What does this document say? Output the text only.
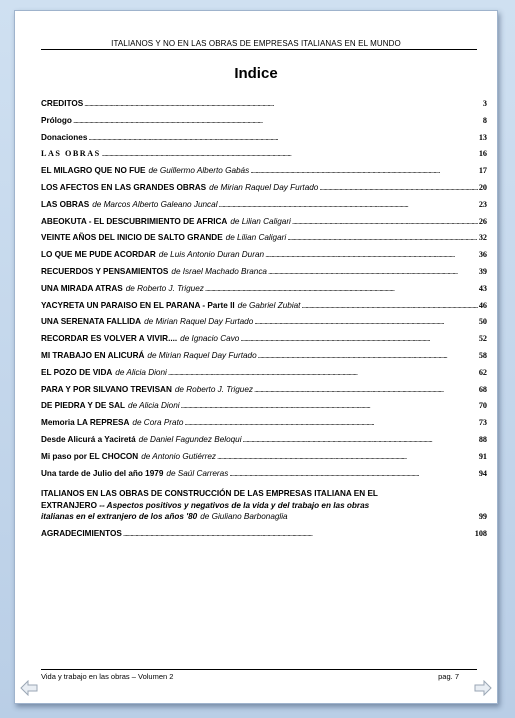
ITALIANOS Y NO EN LAS OBRAS DE EMPRESAS ITALIANAS EN EL MUNDO
Indice
CREDITOS . . .	3
Prólogo . . .	8
Donaciones . . .	13
LAS OBRAS . . .	16
EL MILAGRO QUE NO FUE de Guillermo Alberto Gabás . . .	17
LOS AFECTOS EN LAS GRANDES OBRAS de Mirian Raquel Day Furtado . . .	20
LAS OBRAS de Marcos Alberto Galeano Juncal . . .	23
ABEOKUTA - EL DESCUBRIMIENTO DE AFRICA de Lilian Caligari . . .	26
VEINTE AÑOS DEL INICIO DE SALTO GRANDE de Lilian Caligari . . .	32
LO QUE ME PUDE ACORDAR de Luis Antonio Duran Duran . . .	36
RECUERDOS Y PENSAMIENTOS de Israel Machado Branca . . .	39
UNA MIRADA ATRAS de Roberto J. Triguez . . .	43
YACYRETA UN PARAISO EN EL PARANA - Parte II de Gabriel Zubiat . . .	46
UNA SERENATA FALLIDA de Mirian Raquel Day Furtado . . .	50
RECORDAR ES VOLVER A VIVIR.... de Ignacio Cavo . . .	52
MI TRABAJO EN ALICURÁ de Mirian Raquel Day Furtado . . .	58
EL POZO DE VIDA de Alicia Dioni . . .	62
PARA Y POR SILVANO TREVISAN de Roberto J. Triguez . . .	68
DE PIEDRA Y DE SAL de Alicia Dioni . . .	70
Memoria LA REPRESA de Cora Prato . . .	73
Desde Alicurá a Yaciretá de Daniel Fagundez Beloqui . . .	88
Mi paso por EL CHOCON de Antonio Gutiérrez . . .	91
Una tarde de Julio del año 1979 de Saúl Carreras . . .	94
ITALIANOS EN LAS OBRAS DE CONSTRUCCIÓN DE LAS EMPRESAS ITALIANA EN EL
EXTRANJERO -- Aspectos positivos y negativos de la vida y del trabajo en las obras
italianas en el extranjero de los años '80 de Giuliano Barbonaglia	99
AGRADECIMIENTOS . . .	108
Vida y trabajo en las obras – Volumen 2	pag. 7
